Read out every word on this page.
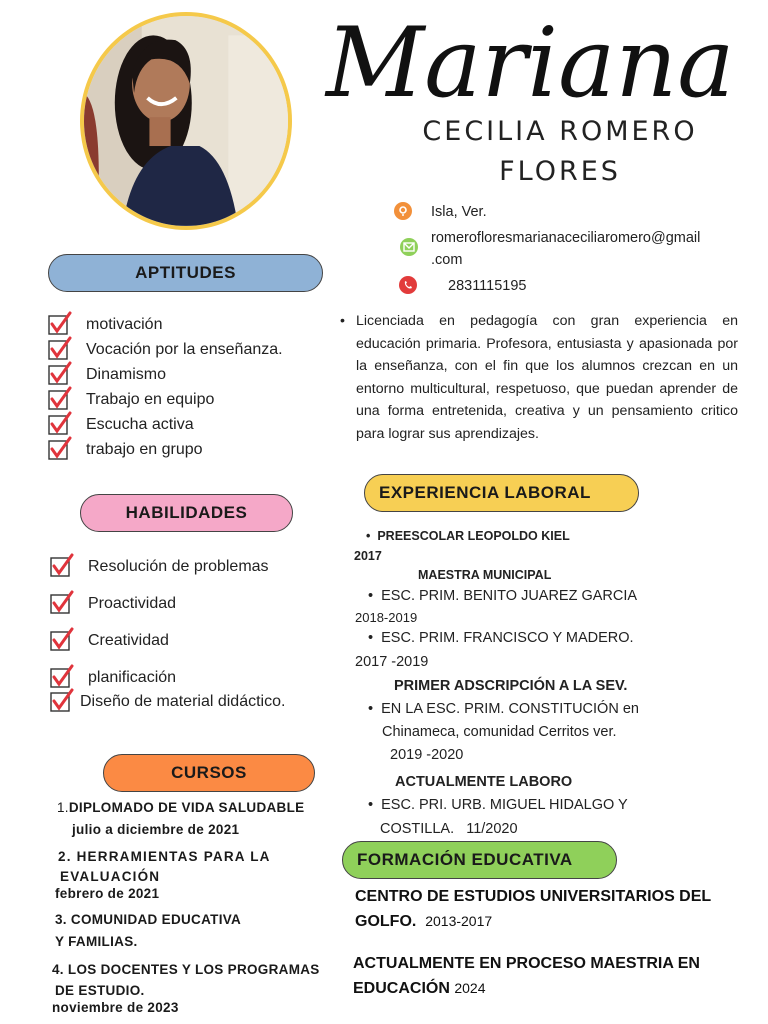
Mariana
CECILIA ROMERO
FLORES
Isla, Ver.
romerofloresmarianaceciliaromero@gmail
.com
2831115195
APTITUDES
motivación
Vocación por la enseñanza.
Dinamismo
Trabajo en equipo
Escucha activa
trabajo en grupo
HABILIDADES
Resolución de problemas
Proactividad
Creatividad
planificación
Diseño de material didáctico.
CURSOS
1.DIPLOMADO DE VIDA SALUDABLE
julio a diciembre de 2021
2. HERRAMIENTAS PARA LA
EVALUACIÓN
febrero de 2021
3. COMUNIDAD EDUCATIVA
Y FAMILIAS.
4. LOS DOCENTES Y LOS PROGRAMAS
DE ESTUDIO.
noviembre de 2023
• Licenciada en pedagogía con gran experiencia en educación primaria. Profesora, entusiasta y apasionada por la enseñanza, con el fin que los alumnos crezcan en un entorno multicultural, respetuoso, que puedan aprender de una forma entretenida, creativa y un pensamiento critico para lograr sus aprendizajes.

EXPERIENCIA LABORAL
• PREESCOLAR LEOPOLDO KIEL
2017
MAESTRA MUNICIPAL
• ESC. PRIM. BENITO JUAREZ GARCIA
2018-2019
• ESC. PRIM. FRANCISCO Y MADERO.
2017 -2019
PRIMER ADSCRIPCIÓN A LA SEV.
• EN LA ESC. PRIM. CONSTITUCIÓN en
Chinameca, comunidad Cerritos ver.
2019 -2020
ACTUALMENTE LABORO
• ESC. PRI. URB. MIGUEL HIDALGO Y
COSTILLA.   11/2020
FORMACIÓN EDUCATIVA
CENTRO DE ESTUDIOS UNIVERSITARIOS DEL
GOLFO. 2013-2017
ACTUALMENTE EN PROCESO MAESTRIA EN
EDUCACIÓN 2024
